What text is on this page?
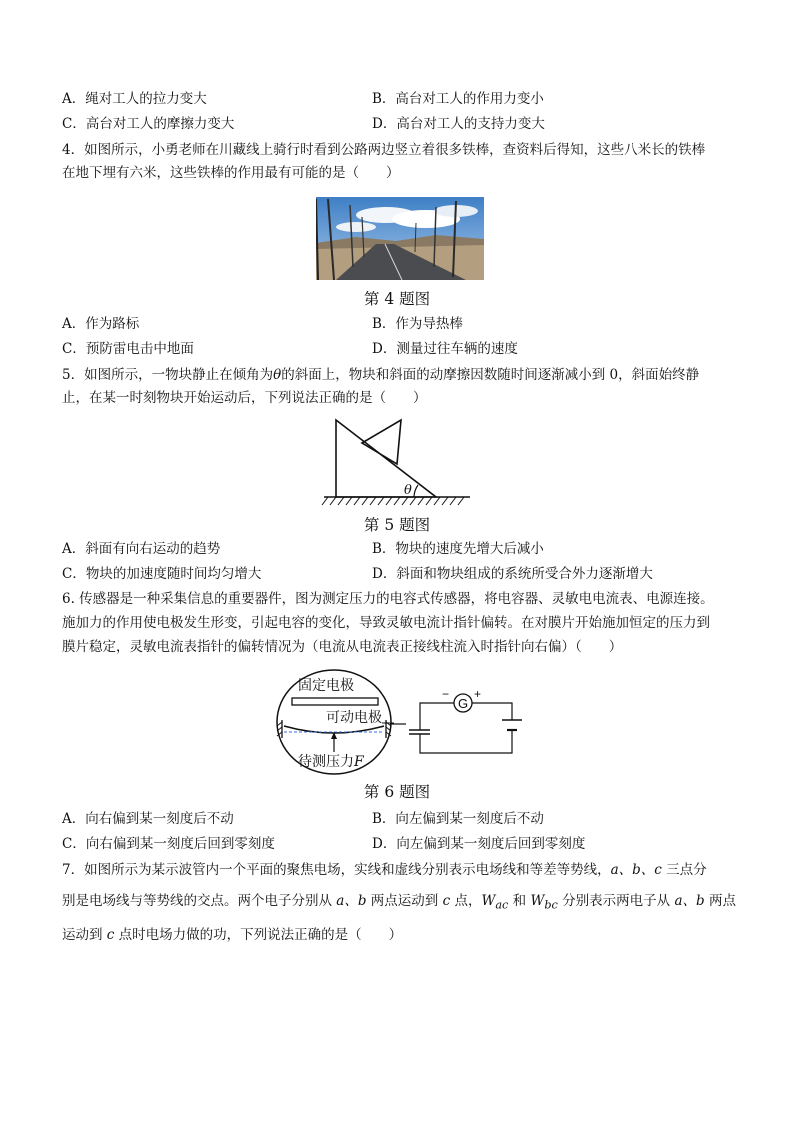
A．绳对工人的拉力变大	B．高台对工人的作用力变小
C．高台对工人的摩擦力变大	D．高台对工人的支持力变大
4．如图所示，小勇老师在川藏线上骑行时看到公路两边竖立着很多铁棒，查资料后得知，这些八米长的铁棒
在地下埋有六米，这些铁棒的作用最有可能的是（　　）
第 4 题图
A．作为路标	B．作为导热棒
C．预防雷电击中地面	D．测量过往车辆的速度
5．如图所示，一物块静止在倾角为θ的斜面上，物块和斜面的动摩擦因数随时间逐渐减小到 0，斜面始终静
止，在某一时刻物块开始运动后，下列说法正确的是（　　）
θ
第 5 题图
A．斜面有向右运动的趋势	B．物块的速度先增大后减小
C．物块的加速度随时间均匀增大	D．斜面和物块组成的系统所受合外力逐渐增大
6. 传感器是一种采集信息的重要器件，图为测定压力的电容式传感器，将电容器、灵敏电电流表、电源连接。
施加力的作用使电极发生形变，引起电容的变化，导致灵敏电流计指针偏转。在对膜片开始施加恒定的压力到
膜片稳定，灵敏电流表指针的偏转情况为（电流从电流表正接线柱流入时指针向右偏）（　　）
固定电极
可动电极
待测压力F
G
− +
第 6 题图
A．向右偏到某一刻度后不动	B．向左偏到某一刻度后不动
C．向右偏到某一刻度后回到零刻度	D．向左偏到某一刻度后回到零刻度
7．如图所示为某示波管内一个平面的聚焦电场，实线和虚线分别表示电场线和等差等势线，a、b、c 三点分
别是电场线与等势线的交点。两个电子分别从 a、b 两点运动到 c 点，$W_{ac}$ 和 $W_{bc}$ 分别表示两电子从 a、b 两点
运动到 c 点时电场力做的功，下列说法正确的是（　　）
